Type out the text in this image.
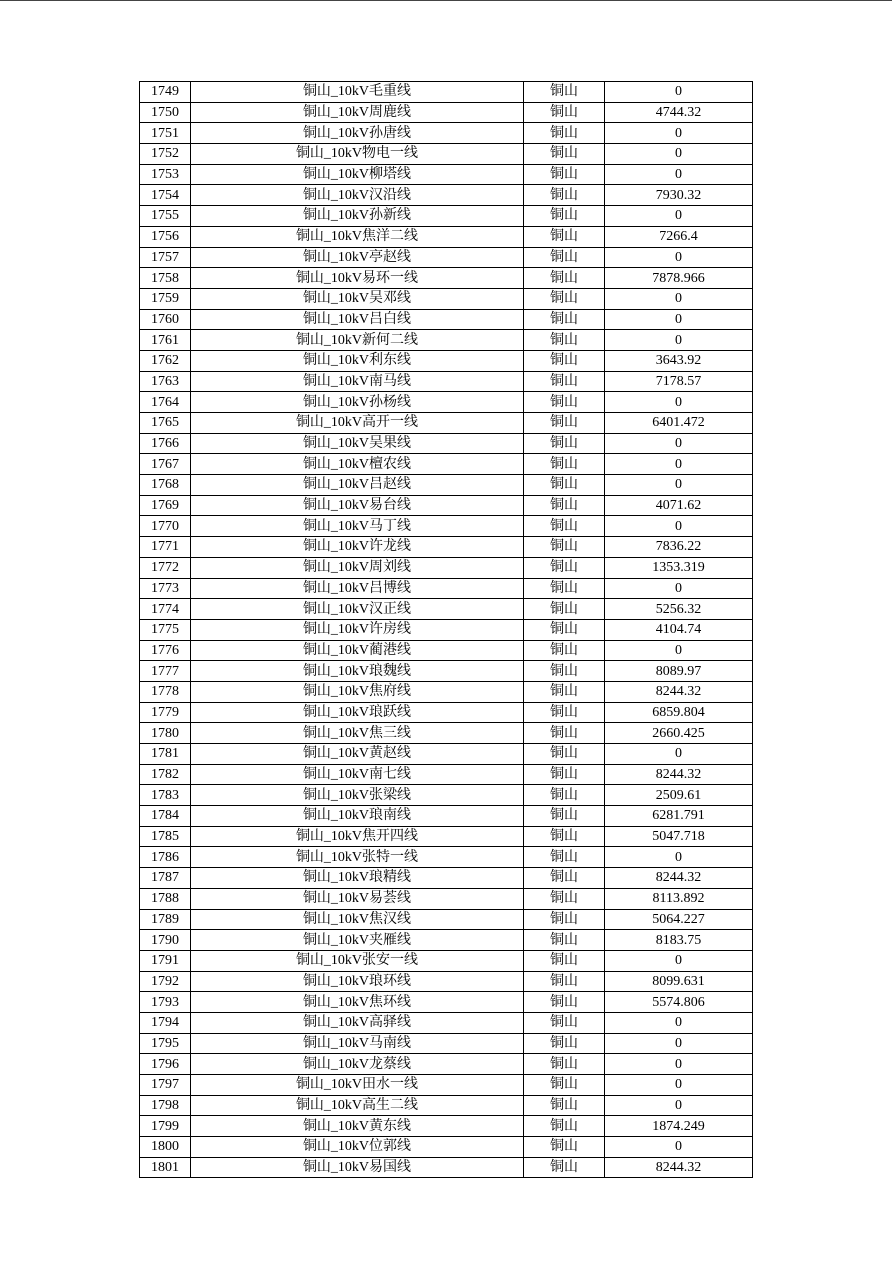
1749	铜山_10kV毛重线	铜山	0
1750	铜山_10kV周鹿线	铜山	4744.32
1751	铜山_10kV孙唐线	铜山	0
1752	铜山_10kV物电一线	铜山	0
1753	铜山_10kV柳塔线	铜山	0
1754	铜山_10kV汉沿线	铜山	7930.32
1755	铜山_10kV孙新线	铜山	0
1756	铜山_10kV焦洋二线	铜山	7266.4
1757	铜山_10kV亭赵线	铜山	0
1758	铜山_10kV易环一线	铜山	7878.966
1759	铜山_10kV吴邓线	铜山	0
1760	铜山_10kV吕白线	铜山	0
1761	铜山_10kV新何二线	铜山	0
1762	铜山_10kV利东线	铜山	3643.92
1763	铜山_10kV南马线	铜山	7178.57
1764	铜山_10kV孙杨线	铜山	0
1765	铜山_10kV高开一线	铜山	6401.472
1766	铜山_10kV吴果线	铜山	0
1767	铜山_10kV檀农线	铜山	0
1768	铜山_10kV吕赵线	铜山	0
1769	铜山_10kV易台线	铜山	4071.62
1770	铜山_10kV马丁线	铜山	0
1771	铜山_10kV许龙线	铜山	7836.22
1772	铜山_10kV周刘线	铜山	1353.319
1773	铜山_10kV吕博线	铜山	0
1774	铜山_10kV汉正线	铜山	5256.32
1775	铜山_10kV许房线	铜山	4104.74
1776	铜山_10kV蔺港线	铜山	0
1777	铜山_10kV琅魏线	铜山	8089.97
1778	铜山_10kV焦府线	铜山	8244.32
1779	铜山_10kV琅跃线	铜山	6859.804
1780	铜山_10kV焦三线	铜山	2660.425
1781	铜山_10kV黄赵线	铜山	0
1782	铜山_10kV南七线	铜山	8244.32
1783	铜山_10kV张梁线	铜山	2509.61
1784	铜山_10kV琅南线	铜山	6281.791
1785	铜山_10kV焦开四线	铜山	5047.718
1786	铜山_10kV张特一线	铜山	0
1787	铜山_10kV琅精线	铜山	8244.32
1788	铜山_10kV易荟线	铜山	8113.892
1789	铜山_10kV焦汉线	铜山	5064.227
1790	铜山_10kV夹雁线	铜山	8183.75
1791	铜山_10kV张安一线	铜山	0
1792	铜山_10kV琅环线	铜山	8099.631
1793	铜山_10kV焦环线	铜山	5574.806
1794	铜山_10kV高驿线	铜山	0
1795	铜山_10kV马南线	铜山	0
1796	铜山_10kV龙蔡线	铜山	0
1797	铜山_10kV田水一线	铜山	0
1798	铜山_10kV高生二线	铜山	0
1799	铜山_10kV黄东线	铜山	1874.249
1800	铜山_10kV位郭线	铜山	0
1801	铜山_10kV易国线	铜山	8244.32
